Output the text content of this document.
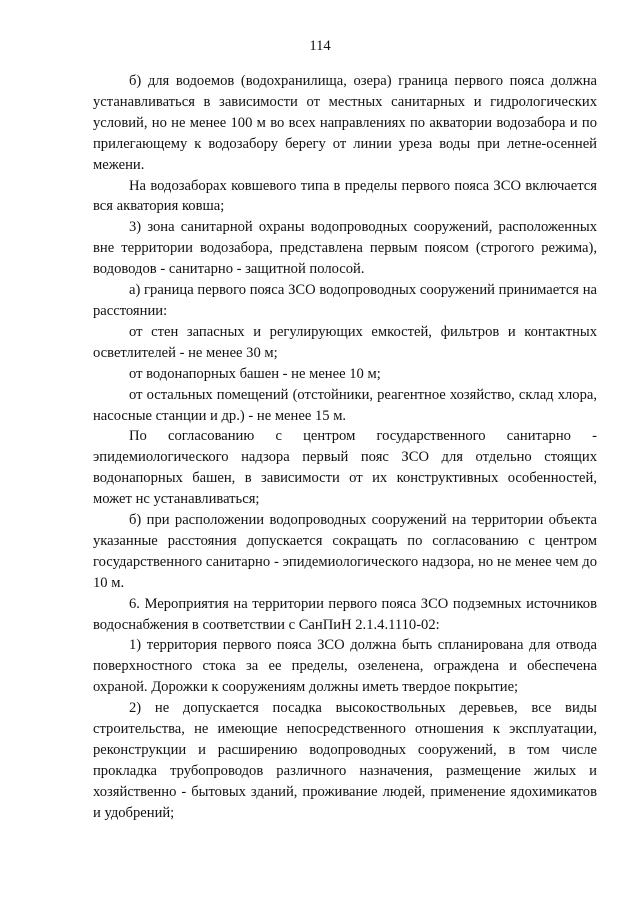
114

б) для водоемов (водохранилища, озера) граница первого пояса должна устанавливаться в зависимости от местных санитарных и гидрологических условий, но не менее 100 м во всех направлениях по акватории водозабора и по прилегающему к водозабору берегу от линии уреза воды при летне-осенней межени.

На водозаборах ковшевого типа в пределы первого пояса ЗСО включается вся акватория ковша;

3) зона санитарной охраны водопроводных сооружений, расположенных вне территории водозабора, представлена первым поясом (строгого режима), водоводов - санитарно - защитной полосой.

а) граница первого пояса ЗСО водопроводных сооружений принимается на расстоянии:

от стен запасных и регулирующих емкостей, фильтров и контактных осветлителей - не менее 30 м;

от водонапорных башен - не менее 10 м;

от остальных помещений (отстойники, реагентное хозяйство, склад хлора, насосные станции и др.) - не менее 15 м.

По согласованию с центром государственного санитарно - эпидемиологического надзора первый пояс ЗСО для отдельно стоящих водонапорных башен, в зависимости от их конструктивных особенностей, может нс устанавливаться;

б) при расположении водопроводных сооружений на территории объекта указанные расстояния допускается сокращать по согласованию с центром государственного санитарно - эпидемиологического надзора, но не менее чем до 10 м.

6. Мероприятия на территории первого пояса ЗСО подземных источников водоснабжения в соответствии с СанПиН 2.1.4.1110-02:

1) территория первого пояса ЗСО должна быть спланирована для отвода поверхностного стока за ее пределы, озеленена, ограждена и обеспечена охраной. Дорожки к сооружениям должны иметь твердое покрытие;

2) не допускается посадка высокоствольных деревьев, все виды строительства, не имеющие непосредственного отношения к эксплуатации, реконструкции и расширению водопроводных сооружений, в том числе прокладка трубопроводов различного назначения, размещение жилых и хозяйственно - бытовых зданий, проживание людей, применение ядохимикатов и удобрений;
